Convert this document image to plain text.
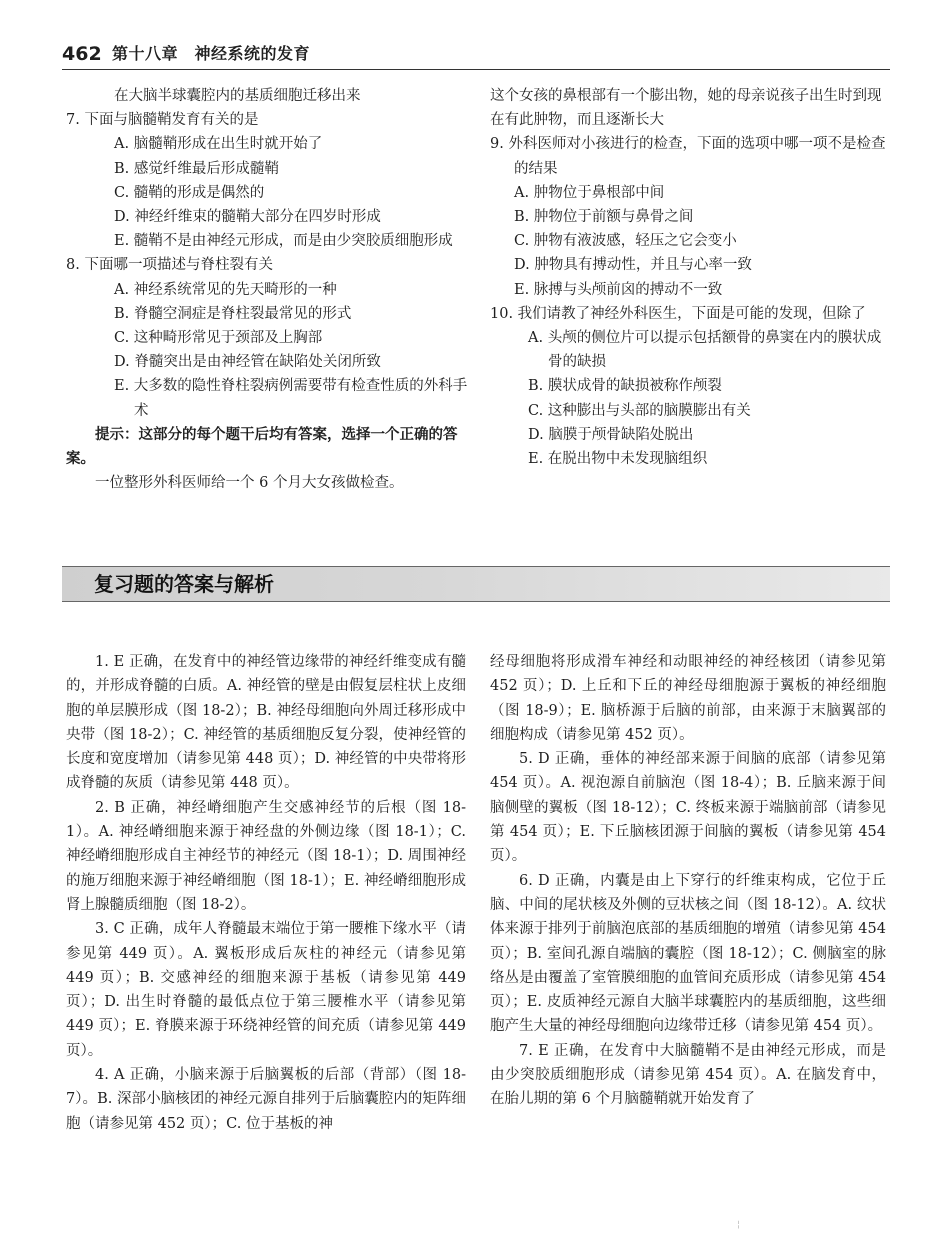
462 第十八章　神经系统的发育

在大脑半球囊腔内的基质细胞迁移出来

7. 下面与脑髓鞘发育有关的是

A. 脑髓鞘形成在出生时就开始了

B. 感觉纤维最后形成髓鞘

C. 髓鞘的形成是偶然的

D. 神经纤维束的髓鞘大部分在四岁时形成

E. 髓鞘不是由神经元形成，而是由少突胶质细胞形成

8. 下面哪一项描述与脊柱裂有关

A. 神经系统常见的先天畸形的一种

B. 脊髓空洞症是脊柱裂最常见的形式

C. 这种畸形常见于颈部及上胸部

D. 脊髓突出是由神经管在缺陷处关闭所致

E. 大多数的隐性脊柱裂病例需要带有检查性质的外科手术

提示：这部分的每个题干后均有答案，选择一个正确的答案。

一位整形外科医师给一个 6 个月大女孩做检查。

这个女孩的鼻根部有一个膨出物，她的母亲说孩子出生时到现在有此肿物，而且逐渐长大

9. 外科医师对小孩进行的检查，下面的选项中哪一项不是检查的结果

A. 肿物位于鼻根部中间

B. 肿物位于前额与鼻骨之间

C. 肿物有液波感，轻压之它会变小

D. 肿物具有搏动性，并且与心率一致

E. 脉搏与头颅前囟的搏动不一致

10. 我们请教了神经外科医生，下面是可能的发现，但除了

A. 头颅的侧位片可以提示包括额骨的鼻窦在内的膜状成骨的缺损

B. 膜状成骨的缺损被称作颅裂

C. 这种膨出与头部的脑膜膨出有关

D. 脑膜于颅骨缺陷处脱出

E. 在脱出物中未发现脑组织

复习题的答案与解析

1. E 正确，在发育中的神经管边缘带的神经纤维变成有髓的，并形成脊髓的白质。A. 神经管的壁是由假复层柱状上皮细胞的单层膜形成（图 18-2）；B. 神经母细胞向外周迁移形成中央带（图 18-2）；C. 神经管的基质细胞反复分裂，使神经管的长度和宽度增加（请参见第 448 页）；D. 神经管的中央带将形成脊髓的灰质（请参见第 448 页）。

2. B 正确，神经嵴细胞产生交感神经节的后根（图 18-1）。A. 神经嵴细胞来源于神经盘的外侧边缘（图 18-1）；C. 神经嵴细胞形成自主神经节的神经元（图 18-1）；D. 周围神经的施万细胞来源于神经嵴细胞（图 18-1）；E. 神经嵴细胞形成肾上腺髓质细胞（图 18-2）。

3. C 正确，成年人脊髓最末端位于第一腰椎下缘水平（请参见第 449 页）。A. 翼板形成后灰柱的神经元（请参见第 449 页）；B. 交感神经的细胞来源于基板（请参见第 449 页）；D. 出生时脊髓的最低点位于第三腰椎水平（请参见第 449 页）；E. 脊膜来源于环绕神经管的间充质（请参见第 449 页）。

4. A 正确，小脑来源于后脑翼板的后部（背部）（图 18-7）。B. 深部小脑核团的神经元源自排列于后脑囊腔内的矩阵细胞（请参见第 452 页）；C. 位于基板的神

经母细胞将形成滑车神经和动眼神经的神经核团（请参见第 452 页）；D. 上丘和下丘的神经母细胞源于翼板的神经细胞（图 18-9）；E. 脑桥源于后脑的前部，由来源于末脑翼部的细胞构成（请参见第 452 页）。

5. D 正确，垂体的神经部来源于间脑的底部（请参见第 454 页）。A. 视泡源自前脑泡（图 18-4）；B. 丘脑来源于间脑侧壁的翼板（图 18-12）；C. 终板来源于端脑前部（请参见第 454 页）；E. 下丘脑核团源于间脑的翼板（请参见第 454 页）。

6. D 正确，内囊是由上下穿行的纤维束构成，它位于丘脑、中间的尾状核及外侧的豆状核之间（图 18-12）。A. 纹状体来源于排列于前脑泡底部的基质细胞的增殖（请参见第 454 页）；B. 室间孔源自端脑的囊腔（图 18-12）；C. 侧脑室的脉络丛是由覆盖了室管膜细胞的血管间充质形成（请参见第 454 页）；E. 皮质神经元源自大脑半球囊腔内的基质细胞，这些细胞产生大量的神经母细胞向边缘带迁移（请参见第 454 页）。

7. E 正确，在发育中大脑髓鞘不是由神经元形成，而是由少突胶质细胞形成（请参见第 454 页）。A. 在脑发育中，在胎儿期的第 6 个月脑髓鞘就开始发育了

¦
